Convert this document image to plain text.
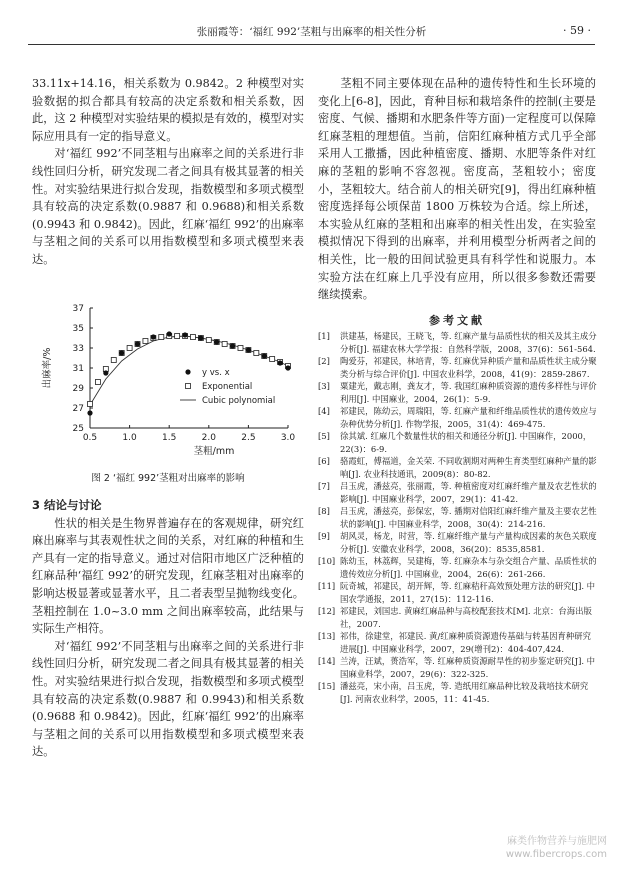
张丽霞等：‘福红 992’茎粗与出麻率的相关性分析	· 59 ·

33.11x+14.16，相关系数为 0.9842。2 种模型对实验数据的拟合都具有较高的决定系数和相关系数，因此，这 2 种模型对实验结果的模拟是有效的，模型对实际应用具有一定的指导意义。

对‘福红 992’不同茎粗与出麻率之间的关系进行非线性回归分析，研究发现二者之间具有极其显著的相关性。对实验结果进行拟合发现，指数模型和多项式模型具有较高的决定系数(0.9887 和 0.9688)和相关系数(0.9943 和 0.9842)。因此，红麻‘福红 992’的出麻率与茎粗之间的关系可以用指数模型和多项式模型来表达。

0.5	1.0	1.5	2.0	2.5	3.0
25
27
29
31
33
35
37
茎粗/mm
出麻率/%	y vs. x
Exponential
Cubic polynomial
图 2 ‘福红 992’茎粗对出麻率的影响

3 结论与讨论

性状的相关是生物界普遍存在的客观规律，研究红麻出麻率与其表观性状之间的关系，对红麻的种植和生产具有一定的指导意义。通过对信阳市地区广泛种植的红麻品种‘福红 992’的研究发现，红麻茎粗对出麻率的影响达极显著或显著水平，且二者表型呈抛物线变化。茎粗控制在 1.0~3.0 mm 之间出麻率较高，此结果与实际生产相符。

对‘福红 992’不同茎粗与出麻率之间的关系进行非线性回归分析，研究发现二者之间具有极其显著的相关性。对实验结果进行拟合发现，指数模型和多项式模型具有较高的决定系数(0.9887 和 0.9943)和相关系数(0.9688 和 0.9842)。因此，红麻‘福红 992’的出麻率与茎粗之间的关系可以用指数模型和多项式模型来表达。

茎粗不同主要体现在品种的遗传特性和生长环境的变化上[6-8]，因此，育种目标和栽培条件的控制(主要是密度、气候、播期和水肥条件等方面)一定程度可以保障红麻茎粗的理想值。当前，信阳红麻种植方式几乎全部采用人工撒播，因此种植密度、播期、水肥等条件对红麻的茎粗的影响不容忽视。密度高，茎粗较小；密度小，茎粗较大。结合前人的相关研究[9]，得出红麻种植密度选择每公顷保苗 1800 万株较为合适。综上所述，本实验从红麻的茎粗和出麻率的相关性出发，在实验室模拟情况下得到的出麻率，并利用模型分析两者之间的相关性，比一般的田间试验更具有科学性和说服力。本实验方法在红麻上几乎没有应用，所以很多参数还需要继续摸索。

参考文献
[1]	洪建基，杨建民，王晓飞，等. 红麻产量与品质性状的相关及其主成分分析[J]. 福建农林大学学报：自然科学版，2008，37(6)：561-564.
[2]	陶爱芬，祁建民，林培青，等. 红麻优异种质产量和品质性状主成分聚类分析与综合评价[J]. 中国农业科学，2008，41(9)：2859-2867.
[3]	粟建光，戴志刚，龚友才，等. 我国红麻种质资源的遗传多样性与评价利用[J]. 中国麻业，2004，26(1)：5-9.
[4]	祁建民，陈幼云，周瑞阳，等. 红麻产量和纤维品质性状的遗传效应与杂种优势分析[J]. 作物学报，2005，31(4)：469-475.
[5]	徐其斌. 红麻几个数量性状的相关和通径分析[J]. 中国麻作，2000，22(3)：6-9.
[6]	骆霞虹，傅福道，金关荣. 不同收割期对两种生育类型红麻种产量的影响[J]. 农业科技通讯，2009(8)：80-82.
[7]	吕玉虎，潘兹亮，张丽霞，等. 种植密度对红麻纤维产量及农艺性状的影响[J]. 中国麻业科学，2007，29(1)：41-42.
[8]	吕玉虎，潘兹亮，彭保宏，等. 播期对信阳红麻纤维产量及主要农艺性状的影响[J]. 中国麻业科学，2008，30(4)：214-216.
[9]	胡风灵，杨龙，时营，等. 红麻纤维产量与产量构成因素的灰色关联度分析[J]. 安徽农业科学，2008，36(20)：8535,8581.
[10] 陈幼玉，林荔辉，吴建梅，等. 红麻杂本与杂交组合产量、品质性状的遗传效应分析[J]. 中国麻业，2004，26(6)：261-266.
[11] 阮奇城，祁建民，胡开辉，等. 红麻秸秆高效预处理方法的研究[J]. 中国农学通报，2011，27(15)：112-116.
[12] 祁建民，刘国忠. 黄麻红麻品种与高校配套技术[M]. 北京：台海出版社，2007.
[13] 祁伟，徐建堂，祁建民. 黄/红麻种质资源遗传基础与转基因育种研究进展[J]. 中国麻业科学，2007，29(增刊2)：404-407,424.
[14] 兰涛，汪斌，蒉浩军，等. 红麻种质资源耐旱性的初步鉴定研究[J]. 中国麻业科学，2007，29(6)：322-325.
[15] 潘兹亮，宋小南，吕玉虎，等. 造纸用红麻品种比较及栽培技术研究[J]. 河南农业科学，2005，11：41-45.
麻类作物营养与施肥网
www.fibercrops.com
